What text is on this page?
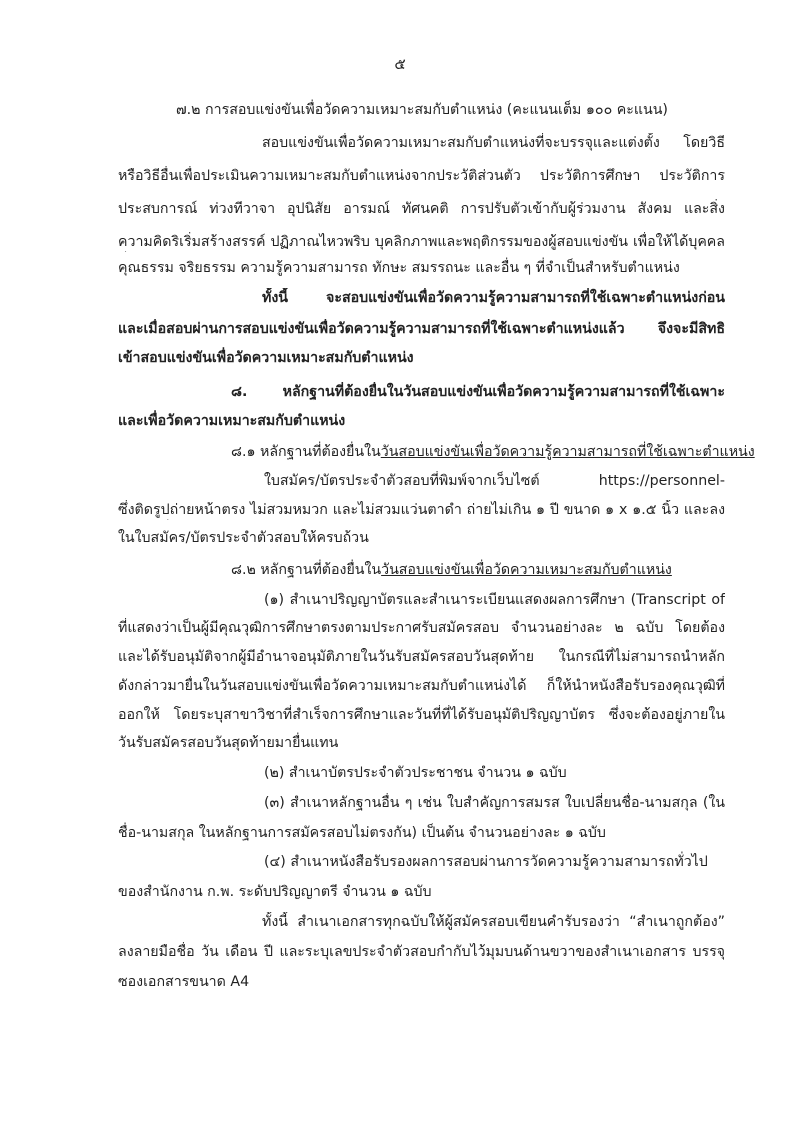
๕
๗.๒ การสอบแข่งขันเพื่อวัดความเหมาะสมกับตำแหน่ง (คะแนนเต็ม ๑๐๐ คะแนน)
สอบแข่งขันเพื่อวัดความเหมาะสมกับตำแหน่งที่จะบรรจุและแต่งตั้ง โดยวิธี
หรือวิธีอื่นเพื่อประเมินความเหมาะสมกับตำแหน่งจากประวัติส่วนตัว ประวัติการศึกษา ประวัติการ
ประสบการณ์ ท่วงทีวาจา อุปนิสัย อารมณ์ ทัศนคติ การปรับตัวเข้ากับผู้ร่วมงาน สังคม และสิ่ง
ความคิดริเริ่มสร้างสรรค์ ปฏิภาณไหวพริบ บุคลิกภาพและพฤติกรรมของผู้สอบแข่งขัน เพื่อให้ได้บุคคล
คุณธรรม จริยธรรม ความรู้ความสามารถ ทักษะ สมรรถนะ และอื่น ๆ ที่จำเป็นสำหรับตำแหน่ง
ทั้งนี้ จะสอบแข่งขันเพื่อวัดความรู้ความสามารถที่ใช้เฉพาะตำแหน่งก่อน
และเมื่อสอบผ่านการสอบแข่งขันเพื่อวัดความรู้ความสามารถที่ใช้เฉพาะตำแหน่งแล้ว จึงจะมีสิทธิ
เข้าสอบแข่งขันเพื่อวัดความเหมาะสมกับตำแหน่ง
๘. หลักฐานที่ต้องยื่นในวันสอบแข่งขันเพื่อวัดความรู้ความสามารถที่ใช้เฉพาะ
และเพื่อวัดความเหมาะสมกับตำแหน่ง
๘.๑ หลักฐานที่ต้องยื่นในวันสอบแข่งขันเพื่อวัดความรู้ความสามารถที่ใช้เฉพาะตำแหน่ง
ใบสมัคร/บัตรประจำตัวสอบที่พิมพ์จากเว็บไซต์ https://personnel-
ซึ่งติดรูปถ่ายหน้าตรง ไม่สวมหมวก และไม่สวมแว่นตาดำ ถ่ายไม่เกิน ๑ ปี ขนาด ๑ x ๑.๕ นิ้ว และลง
ในใบสมัคร/บัตรประจำตัวสอบให้ครบถ้วน
๘.๒ หลักฐานที่ต้องยื่นในวันสอบแข่งขันเพื่อวัดความเหมาะสมกับตำแหน่ง
(๑) สำเนาปริญญาบัตรและสำเนาระเบียนแสดงผลการศึกษา (Transcript of
ที่แสดงว่าเป็นผู้มีคุณวุฒิการศึกษาตรงตามประกาศรับสมัครสอบ จำนวนอย่างละ ๒ ฉบับ โดยต้อง
และได้รับอนุมัติจากผู้มีอำนาจอนุมัติภายในวันรับสมัครสอบวันสุดท้าย ในกรณีที่ไม่สามารถนำหลัก
ดังกล่าวมายื่นในวันสอบแข่งขันเพื่อวัดความเหมาะสมกับตำแหน่งได้ ก็ให้นำหนังสือรับรองคุณวุฒิที่
ออกให้ โดยระบุสาขาวิชาที่สำเร็จการศึกษาและวันที่ที่ได้รับอนุมัติปริญญาบัตร ซึ่งจะต้องอยู่ภายใน
วันรับสมัครสอบวันสุดท้ายมายื่นแทน
(๒) สำเนาบัตรประจำตัวประชาชน จำนวน ๑ ฉบับ
(๓) สำเนาหลักฐานอื่น ๆ เช่น ใบสำคัญการสมรส ใบเปลี่ยนชื่อ-นามสกุล (ใน
ชื่อ-นามสกุล ในหลักฐานการสมัครสอบไม่ตรงกัน) เป็นต้น จำนวนอย่างละ ๑ ฉบับ
(๔) สำเนาหนังสือรับรองผลการสอบผ่านการวัดความรู้ความสามารถทั่วไป
ของสำนักงาน ก.พ. ระดับปริญญาตรี จำนวน ๑ ฉบับ
ทั้งนี้ สำเนาเอกสารทุกฉบับให้ผู้สมัครสอบเขียนคำรับรองว่า “สำเนาถูกต้อง”
ลงลายมือชื่อ วัน เดือน ปี และระบุเลขประจำตัวสอบกำกับไว้มุมบนด้านขวาของสำเนาเอกสาร บรรจุ
ซองเอกสารขนาด A4
